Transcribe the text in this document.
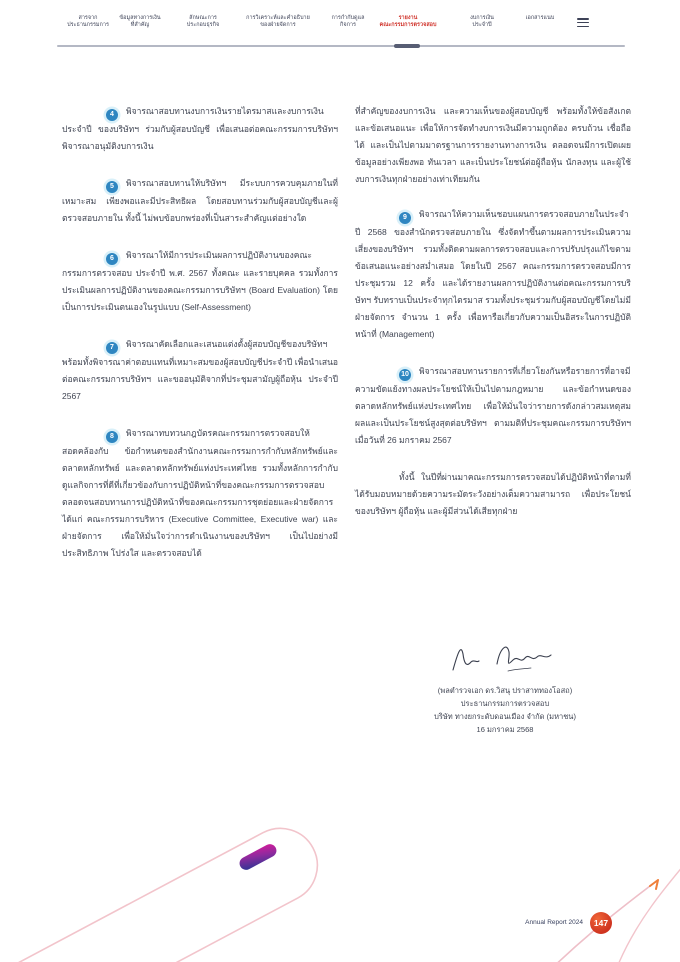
สารจาก
ประธานกรรมการ
ข้อมูลทางการเงิน
ที่สำคัญ
ลักษณะการ
ประกอบธุรกิจ
การวิเคราะห์และคำอธิบาย
ของฝ่ายจัดการ
การกำกับดูแล
กิจการ
รายงาน
คณะกรรมการตรวจสอบ
งบการเงิน
ประจำปี
เอกสารแนบ

4 พิจารณาสอบทานงบการเงินรายไตรมาสและงบการเงิน ประจำปี ของบริษัทฯ ร่วมกับผู้สอบบัญชี เพื่อเสนอต่อคณะกรรมการบริษัทฯ พิจารณาอนุมัติงบการเงิน

5 พิจารณาสอบทานให้บริษัทฯ มีระบบการควบคุมภายในที่เหมาะสม เพียงพอและมีประสิทธิผล โดยสอบทานร่วมกับผู้สอบบัญชีและผู้ตรวจสอบภายใน ทั้งนี้ ไม่พบข้อบกพร่องที่เป็นสาระสำคัญแต่อย่างใด

6 พิจารณาให้มีการประเมินผลการปฏิบัติงานของคณะกรรมการตรวจสอบ ประจำปี พ.ศ. 2567 ทั้งคณะ และรายบุคคล รวมทั้งการประเมินผลการปฏิบัติงานของคณะกรรมการบริษัทฯ (Board Evaluation) โดยเป็นการประเมินตนเองในรูปแบบ (Self-Assessment)

7 พิจารณาคัดเลือกและเสนอแต่งตั้งผู้สอบบัญชีของบริษัทฯ พร้อมทั้งพิจารณาค่าตอบแทนที่เหมาะสมของผู้สอบบัญชีประจำปี เพื่อนำเสนอต่อคณะกรรมการบริษัทฯ และขออนุมัติจากที่ประชุมสามัญผู้ถือหุ้น ประจำปี 2567

8 พิจารณาทบทวนกฎบัตรคณะกรรมการตรวจสอบให้สอดคล้องกับ ข้อกำหนดของสำนักงานคณะกรรมการกำกับหลักทรัพย์และตลาดหลักทรัพย์ และตลาดหลักทรัพย์แห่งประเทศไทย รวมทั้งหลักการกำกับดูแลกิจการที่ดีที่เกี่ยวข้องกับการปฏิบัติหน้าที่ของคณะกรรมการตรวจสอบ ตลอดจนสอบทานการปฏิบัติหน้าที่ของคณะกรรมการชุดย่อยและฝ่ายจัดการ ได้แก่ คณะกรรมการบริหาร (Executive Committee, Executive war) และฝ่ายจัดการ เพื่อให้มั่นใจว่าการดำเนินงานของบริษัทฯ เป็นไปอย่างมีประสิทธิภาพ โปร่งใส และตรวจสอบได้

ที่สำคัญของงบการเงิน และความเห็นของผู้สอบบัญชี พร้อมทั้งให้ข้อสังเกตและข้อเสนอแนะ เพื่อให้การจัดทำงบการเงินมีความถูกต้อง ครบถ้วน เชื่อถือได้ และเป็นไปตามมาตรฐานการรายงานทางการเงิน ตลอดจนมีการเปิดเผยข้อมูลอย่างเพียงพอ ทันเวลา และเป็นประโยชน์ต่อผู้ถือหุ้น นักลงทุน และผู้ใช้งบการเงินทุกฝ่ายอย่างเท่าเทียมกัน

9 พิจารณาให้ความเห็นชอบแผนการตรวจสอบภายในประจำปี 2568 ของสำนักตรวจสอบภายใน ซึ่งจัดทำขึ้นตามผลการประเมินความเสี่ยงของบริษัทฯ รวมทั้งติดตามผลการตรวจสอบและการปรับปรุงแก้ไขตามข้อเสนอแนะอย่างสม่ำเสมอ โดยในปี 2567 คณะกรรมการตรวจสอบมีการประชุมรวม 12 ครั้ง และได้รายงานผลการปฏิบัติงานต่อคณะกรรมการบริษัทฯ รับทราบเป็นประจำทุกไตรมาส รวมทั้งประชุมร่วมกับผู้สอบบัญชีโดยไม่มีฝ่ายจัดการ จำนวน 1 ครั้ง เพื่อหารือเกี่ยวกับความเป็นอิสระในการปฏิบัติหน้าที่ (Management)

10 พิจารณาสอบทานรายการที่เกี่ยวโยงกันหรือรายการที่อาจมีความขัดแย้งทางผลประโยชน์ให้เป็นไปตามกฎหมาย และข้อกำหนดของตลาดหลักทรัพย์แห่งประเทศไทย เพื่อให้มั่นใจว่ารายการดังกล่าวสมเหตุสมผลและเป็นประโยชน์สูงสุดต่อบริษัทฯ ตามมติที่ประชุมคณะกรรมการบริษัทฯ เมื่อวันที่ 26 มกราคม 2567

ทั้งนี้ ในปีที่ผ่านมาคณะกรรมการตรวจสอบได้ปฏิบัติหน้าที่ตามที่ได้รับมอบหมายด้วยความระมัดระวังอย่างเต็มความสามารถ เพื่อประโยชน์ของบริษัทฯ ผู้ถือหุ้น และผู้มีส่วนได้เสียทุกฝ่าย

(พลตำรวจเอก ดร.วิสนุ ปราสาททองโอสถ)
ประธานกรรมการตรวจสอบ
บริษัท ทางยกระดับดอนเมือง จำกัด (มหาชน)
16 มกราคม 2568
Annual Report 2024	147
